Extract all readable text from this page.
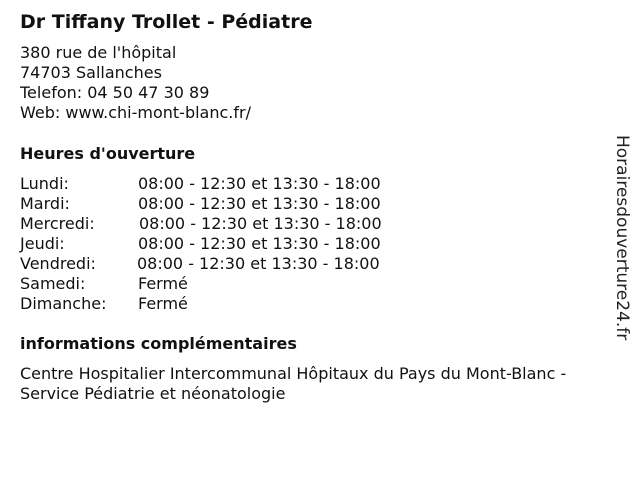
Dr Tiffany Trollet - Pédiatre
380 rue de l'hôpital
74703 Sallanches
Telefon: 04 50 47 30 89
Web: www.chi-mont-blanc.fr/
Heures d'ouverture
Lundi:	08:00 - 12:30 et 13:30 - 18:00
Mardi:	08:00 - 12:30 et 13:30 - 18:00
Mercredi:	08:00 - 12:30 et 13:30 - 18:00
Jeudi:	08:00 - 12:30 et 13:30 - 18:00
Vendredi:	08:00 - 12:30 et 13:30 - 18:00
Samedi:	Fermé
Dimanche: Fermé
informations complémentaires
Centre Hospitalier Intercommunal Hôpitaux du Pays du Mont-Blanc -
Service Pédiatrie et néonatologie
Horairesdouverture24.fr
